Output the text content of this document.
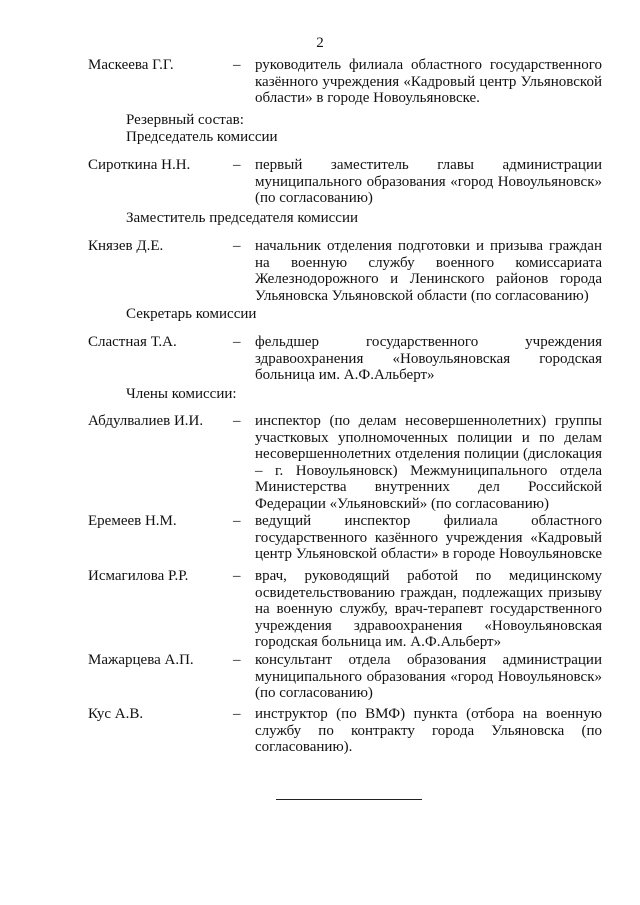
2
Маскеева Г.Г.	– руководитель филиала областного государственного казённого учреждения «Кадровый центр Ульяновской области» в городе Новоульяновске.
Резервный состав:
Председатель комиссии
Сироткина Н.Н.	– первый заместитель главы администрации муниципального образования «город Новоульяновск» (по согласованию)
Заместитель председателя комиссии
Князев Д.Е.	– начальник отделения подготовки и призыва граждан на военную службу военного комиссариата Железнодорожного и Ленинского районов города Ульяновска Ульяновской области (по согласованию)
Секретарь комиссии
Сластная Т.А.	– фельдшер государственного учреждения здравоохранения «Новоульяновская городская больница им. А.Ф.Альберт»
Члены комиссии:
Абдулвалиев И.И. – инспектор (по делам несовершеннолетних) группы участковых уполномоченных полиции и по делам несовершеннолетних отделения полиции (дислокация – г. Новоульяновск) Межмуниципального отдела Министерства внутренних дел Российской Федерации «Ульяновский» (по согласованию)
Еремеев Н.М.	– ведущий инспектор филиала областного государственного казённого учреждения «Кадровый центр Ульяновской области» в городе Новоульяновске
Исмагилова Р.Р.	– врач, руководящий работой по медицинскому освидетельствованию граждан, подлежащих призыву на военную службу, врач-терапевт государственного учреждения здравоохранения «Новоульяновская городская больница им. А.Ф.Альберт»
Мажарцева А.П.	– консультант отдела образования администрации муниципального образования «город Новоульяновск» (по согласованию)
Кус А.В.	– инструктор (по ВМФ) пункта (отбора на военную службу по контракту города Ульяновска (по согласованию).
